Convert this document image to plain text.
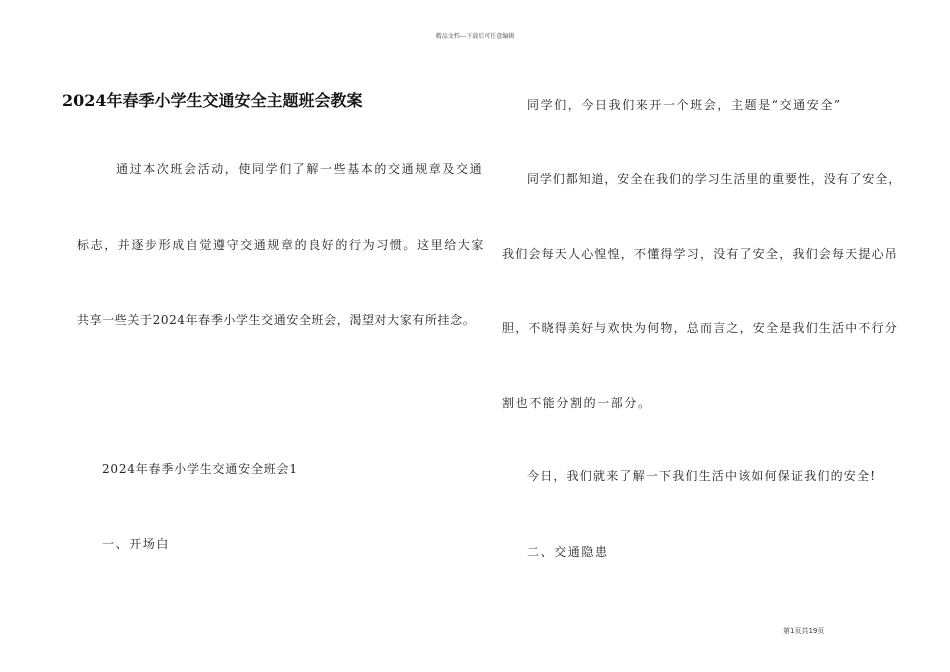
精品文档---下载后可任意编辑
2024年春季小学生交通安全主题班会教案
通过本次班会活动，使同学们了解一些基本的交通规章及交通
标志，并逐步形成自觉遵守交通规章的良好的行为习惯。这里给大家
共享一些关于2024年春季小学生交通安全班会，渴望对大家有所挂念。
2024年春季小学生交通安全班会1
一、开场白
同学们，今日我们来开一个班会，主题是“交通安全”
同学们都知道，安全在我们的学习生活里的重要性，没有了安全，
我们会每天人心惶惶，不懂得学习，没有了安全，我们会每天提心吊
胆，不晓得美好与欢快为何物，总而言之，安全是我们生活中不行分
割也不能分割的一部分。
今日，我们就来了解一下我们生活中该如何保证我们的安全!
二、交通隐患
第1页共19页
